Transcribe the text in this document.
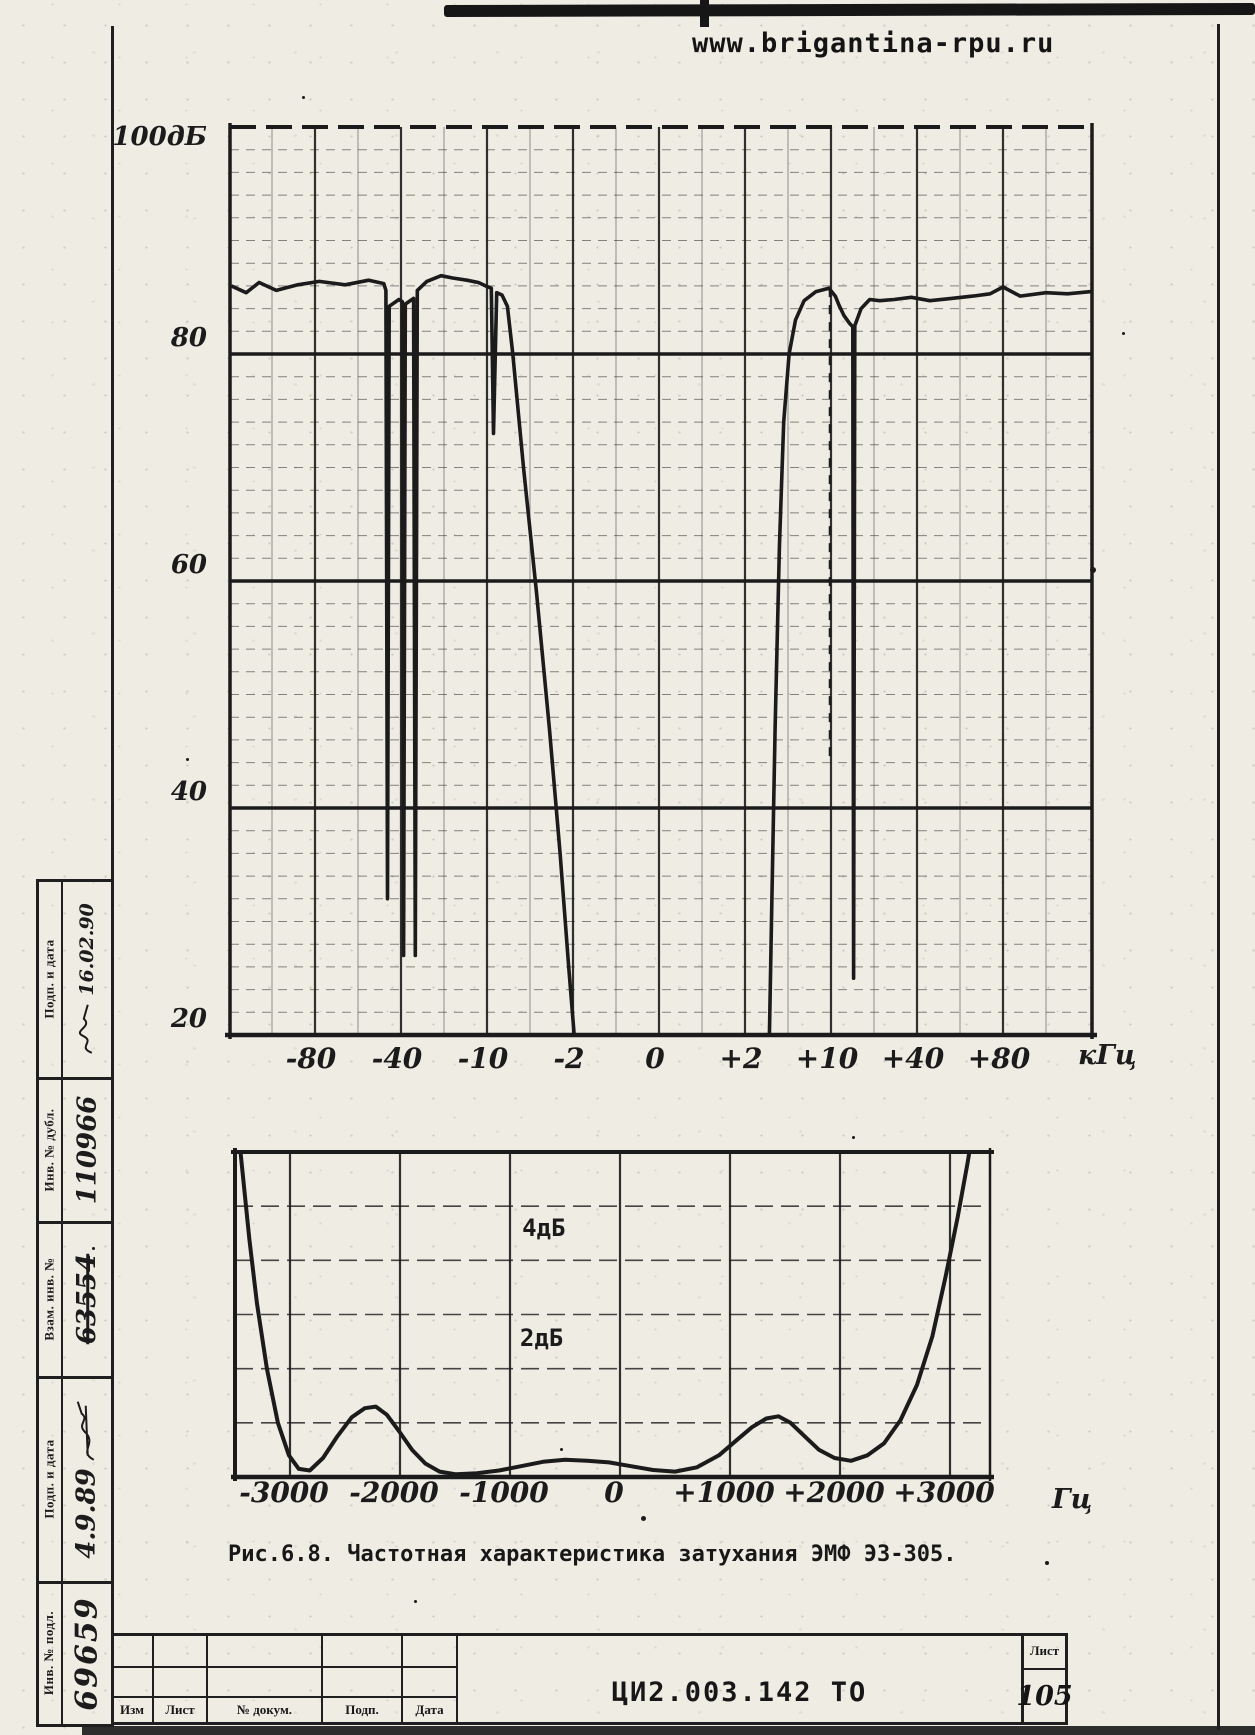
www.brigantina-rpu.ru
-80 -40 -10 -2 0 +2 +10 +40 +80
100дБ
80
60
40
20
-3000 -2000 -1000 0 +1000 +2000 +3000
4дБ
2дБ
кГц
Гц
Рис.6.8. Частотная характеристика затухания ЭМФ ЭЗ-305.
Подп. и дата
Инв. № дубл.
Взам. инв. №
Подп. и дата
Инв. № подл.
16.02.90
110966
63554
4.9.89
69659 Изм Лист	№ докум.	Подп.	Дата
ЦИ2.003.142 ТО
Лист
105
